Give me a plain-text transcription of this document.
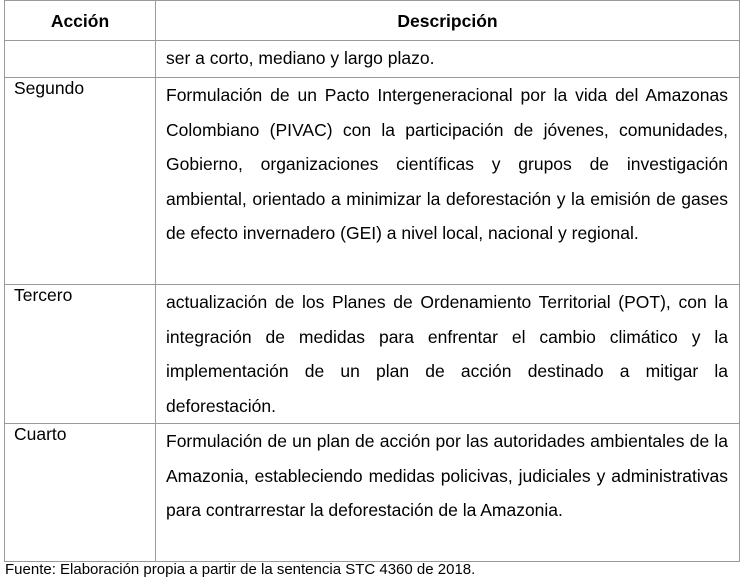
Acción	Descripción
	ser a corto, mediano y largo plazo.
Segundo	Formulación de un Pacto Intergeneracional por la vida del Amazonas Colombiano (PIVAC) con la participación de jóvenes, comunidades, Gobierno, organizaciones científicas y grupos de investigación ambiental, orientado a minimizar la deforestación y la emisión de gases de efecto invernadero (GEI) a nivel local, nacional y regional.
Tercero	actualización de los Planes de Ordenamiento Territorial (POT), con la integración de medidas para enfrentar el cambio climático y la implementación de un plan de acción destinado a mitigar la deforestación.
Cuarto	Formulación de un plan de acción por las autoridades ambientales de la Amazonia, estableciendo medidas policivas, judiciales y administrativas para contrarrestar la deforestación de la Amazonia.
Fuente: Elaboración propia a partir de la sentencia STC 4360 de 2018.
